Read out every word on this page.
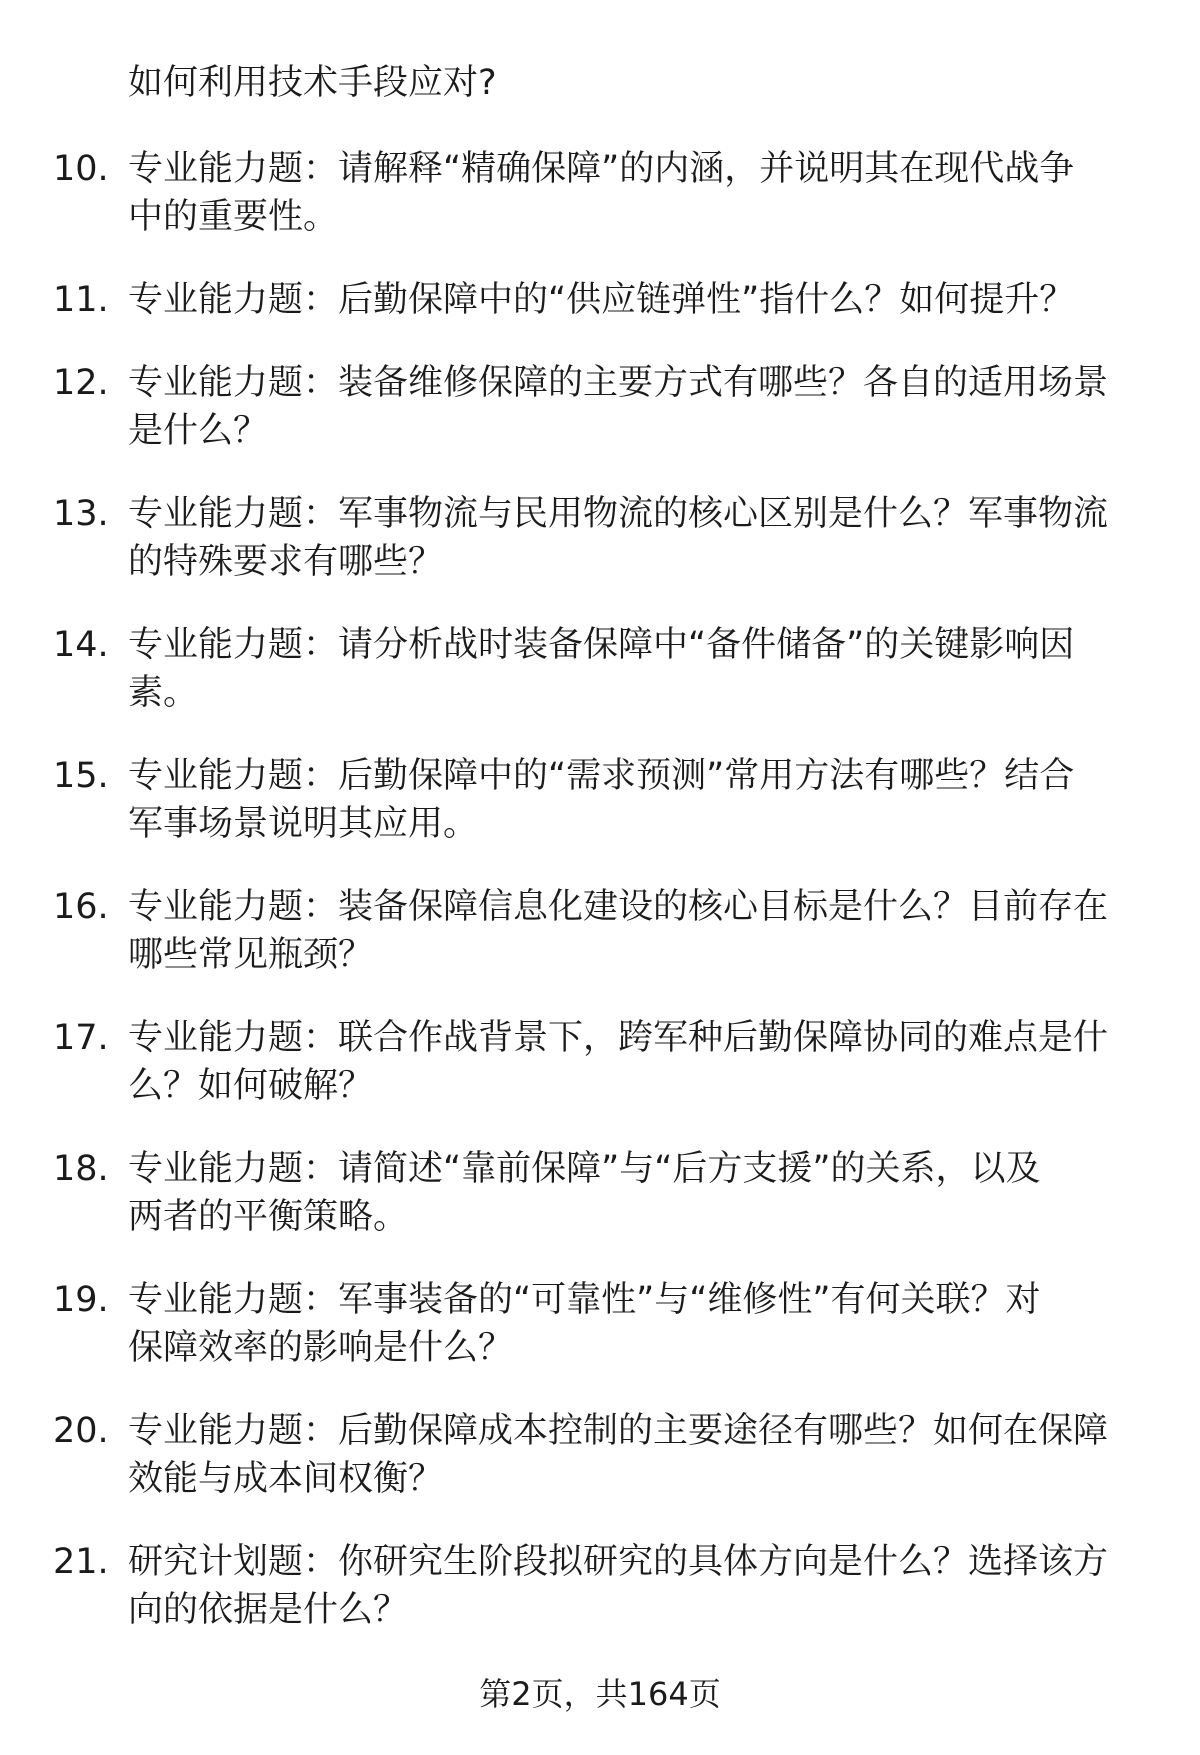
如何利用技术手段应对?
10. 专业能力题：请解释“精确保障”的内涵，并说明其在现代战争
中的重要性。
11. 专业能力题：后勤保障中的“供应链弹性”指什么？如何提升？
12. 专业能力题：装备维修保障的主要方式有哪些？各自的适用场景
是什么？
13. 专业能力题：军事物流与民用物流的核心区别是什么？军事物流
的特殊要求有哪些？
14. 专业能力题：请分析战时装备保障中“备件储备”的关键影响因
素。
15. 专业能力题：后勤保障中的“需求预测”常用方法有哪些？结合
军事场景说明其应用。
16. 专业能力题：装备保障信息化建设的核心目标是什么？目前存在
哪些常见瓶颈？
17. 专业能力题：联合作战背景下，跨军种后勤保障协同的难点是什
么？如何破解？
18. 专业能力题：请简述“靠前保障”与“后方支援”的关系，以及
两者的平衡策略。
19. 专业能力题：军事装备的“可靠性”与“维修性”有何关联？对
保障效率的影响是什么？
20. 专业能力题：后勤保障成本控制的主要途径有哪些？如何在保障
效能与成本间权衡？
21. 研究计划题：你研究生阶段拟研究的具体方向是什么？选择该方
向的依据是什么？
第2页，共164页
